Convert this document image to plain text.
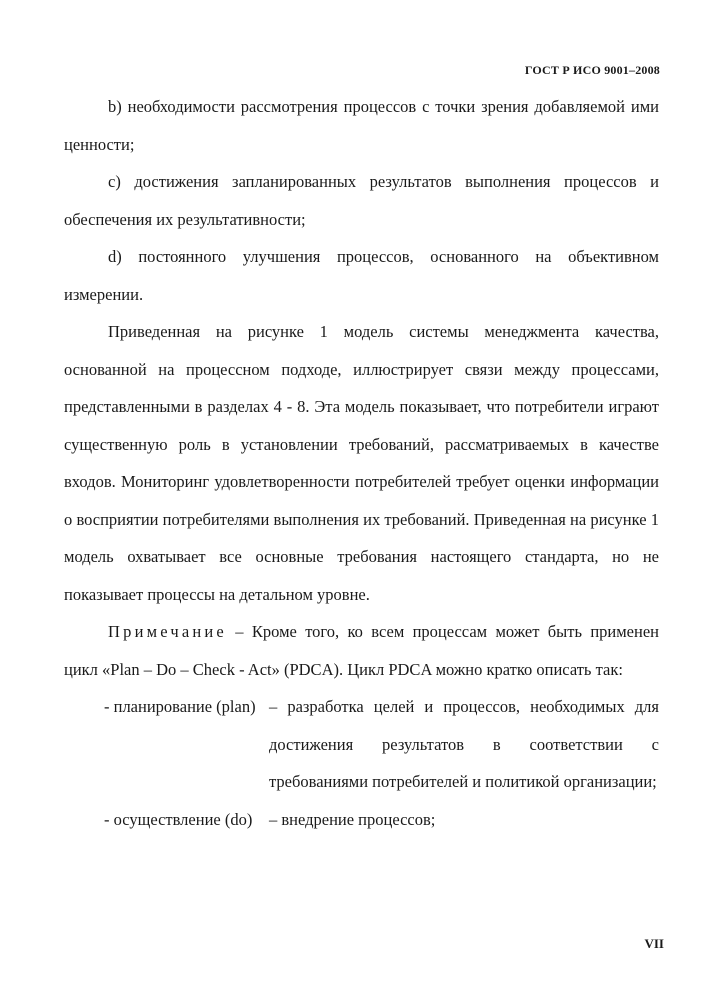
ГОСТ Р ИСО 9001–2008

b) необходимости рассмотрения процессов с точки зрения добавляемой ими ценности;

c) достижения запланированных результатов выполнения процессов и обеспечения их результативности;

d) постоянного улучшения процессов, основанного на объективном измерении.

Приведенная на рисунке 1 модель системы менеджмента качества, основанной на процессном подходе, иллюстрирует связи между процессами, представленными в разделах 4 - 8. Эта модель показывает, что потребители играют существенную роль в установлении требований, рассматриваемых в качестве входов. Мониторинг удовлетворенности потребителей требует оценки информации о восприятии потребителями выполнения их требований. Приведенная на рисунке 1 модель охватывает все основные требования настоящего стандарта, но не показывает процессы на детальном уровне.

Примечание – Кроме того, ко всем процессам может быть применен цикл «Plan – Do – Check - Act» (PDCA). Цикл PDCA можно кратко описать так:

- планирование (plan) – разработка целей и процессов, необходимых для достижения результатов в соответствии с требованиями потребителей и политикой организации;
- осуществление (do)	– внедрение процессов;
VII
